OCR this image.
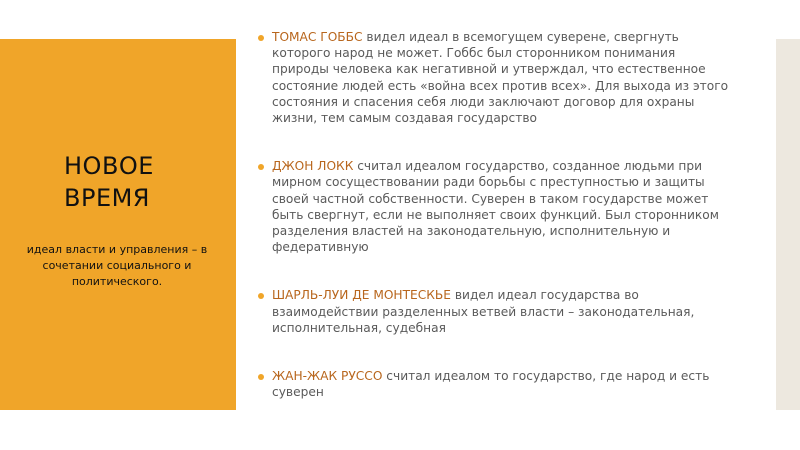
НОВОЕ
ВРЕМЯ
идеал власти и управления – в сочетании социального и политического.
ТОМАС ГОББС видел идеал в всемогущем суверене, свергнуть которого народ не может. Гоббс был сторонником понимания природы человека как негативной и утверждал, что естественное состояние людей есть «война всех против всех». Для выхода из этого состояния и спасения себя люди заключают договор для охраны жизни, тем самым создавая государство
ДЖОН ЛОКК считал идеалом государство, созданное людьми при мирном сосуществовании ради борьбы с преступностью и защиты своей частной собственности. Суверен в таком государстве может быть свергнут, если не выполняет своих функций. Был сторонником разделения властей на законодательную, исполнительную и федеративную
ШАРЛЬ-ЛУИ ДЕ МОНТЕСКЬЕ видел идеал государства во взаимодействии разделенных ветвей власти – законодательная, исполнительная, судебная
ЖАН-ЖАК РУССО считал идеалом то государство, где народ и есть суверен
